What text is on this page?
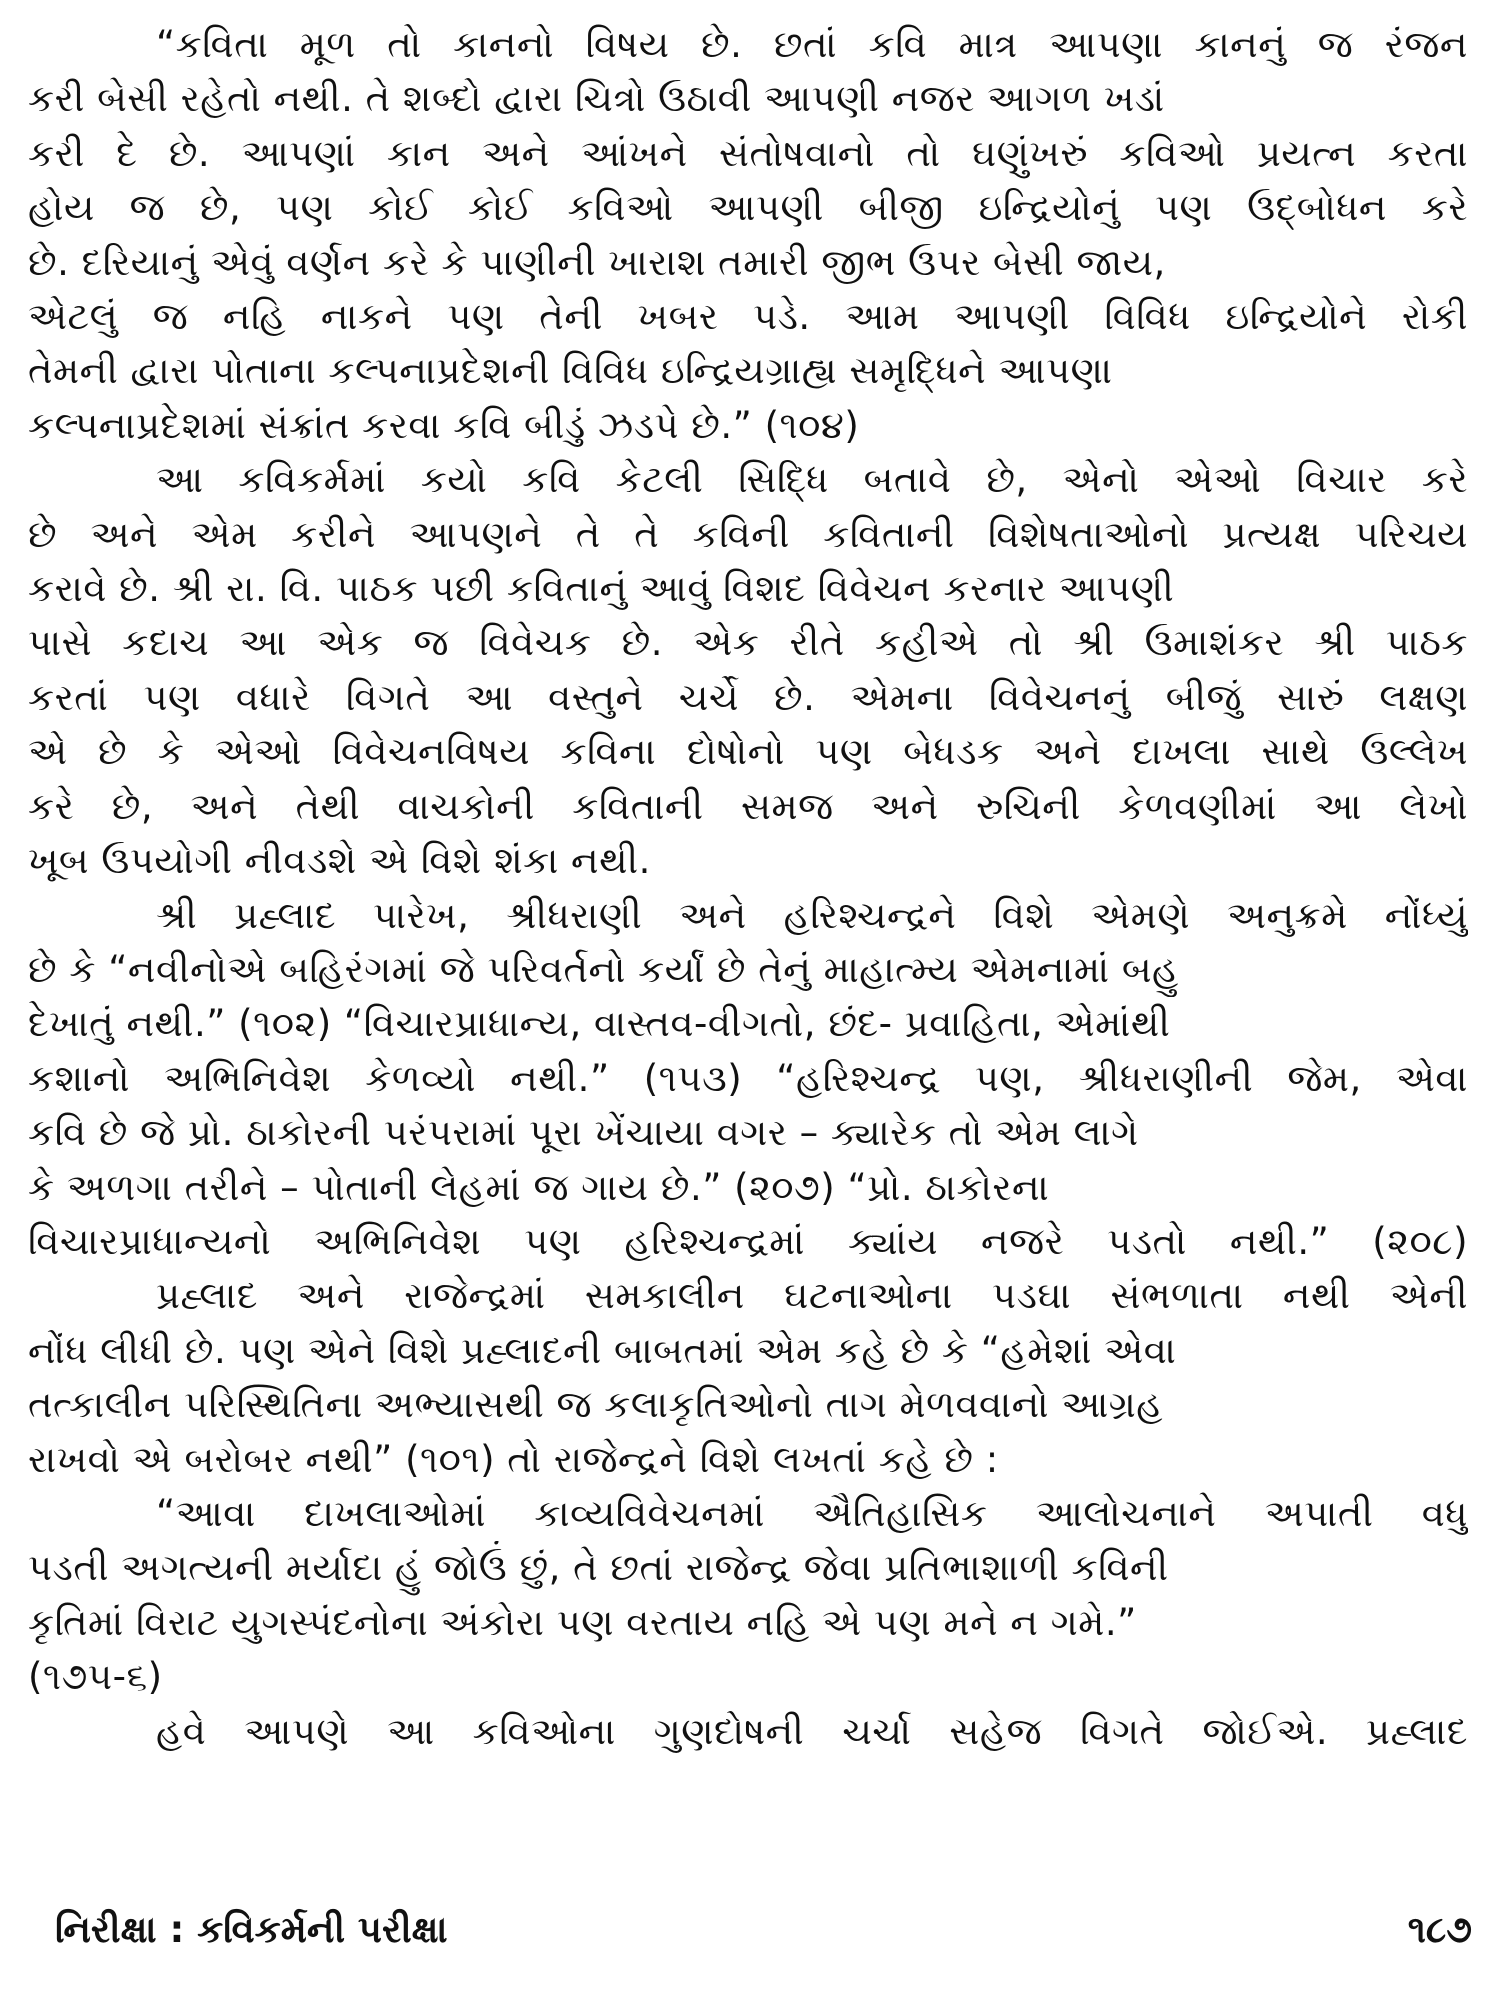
“કવિતા મૂળ તો કાનનો વિષય છે. છતાં કવિ માત્ર આપણા કાનનું જ રંજન
કરી બેસી રહેતો નથી. તે શબ્દો દ્વારા ચિત્રો ઉઠાવી આપણી નજર આગળ ખડાં
કરી દે છે. આપણાં કાન અને આંખને સંતોષવાનો તો ઘણુંખરું કવિઓ પ્રયત્ન કરતા
હોય જ છે, પણ કોઈ કોઈ કવિઓ આપણી બીજી ઇન્દ્રિયોનું પણ ઉદ્બોધન કરે
છે. દરિયાનું એવું વર્ણન કરે કે પાણીની ખારાશ તમારી જીભ ઉપર બેસી જાય,
એટલું જ નહિ નાકને પણ તેની ખબર પડે. આમ આપણી વિવિધ ઇન્દ્રિયોને રોકી
તેમની દ્વારા પોતાના કલ્પનાપ્રદેશની વિવિધ ઇન્દ્રિયગ્રાહ્ય સમૃદ્ધિને આપણા
કલ્પનાપ્રદેશમાં સંક્રાંત કરવા કવિ બીડું ઝડપે છે.” (૧૦૪)
આ કવિકર્મમાં કયો કવિ કેટલી સિદ્ધિ બતાવે છે, એનો એઓ વિચાર કરે
છે અને એમ કરીને આપણને તે તે કવિની કવિતાની વિશેષતાઓનો પ્રત્યક્ષ પરિચય
કરાવે છે. શ્રી રા. વિ. પાઠક પછી કવિતાનું આવું વિશદ વિવેચન કરનાર આપણી
પાસે કદાચ આ એક જ વિવેચક છે. એક રીતે કહીએ તો શ્રી ઉમાશંકર શ્રી પાઠક
કરતાં પણ વધારે વિગતે આ વસ્તુને ચર્ચે છે. એમના વિવેચનનું બીજું સારું લક્ષણ
એ છે કે એઓ વિવેચનવિષય કવિના દોષોનો પણ બેધડક અને દાખલા સાથે ઉલ્લેખ
કરે છે, અને તેથી વાચકોની કવિતાની સમજ અને રુચિની કેળવણીમાં આ લેખો
ખૂબ ઉપયોગી નીવડશે એ વિશે શંકા નથી.
શ્રી પ્રહ્લાદ પારેખ, શ્રીધરાણી અને હરિશ્ચન્દ્રને વિશે એમણે અનુક્રમે નોંધ્યું
છે કે “નવીનોએ બહિરંગમાં જે પરિવર્તનો કર્યાં છે તેનું માહાત્મ્ય એમનામાં બહુ
દેખાતું નથી.” (૧૦૨) “વિચારપ્રાધાન્ય, વાસ્તવ-વીગતો, છંદ- પ્રવાહિતા, એમાંથી
કશાનો અભિનિવેશ કેળવ્યો નથી.” (૧૫૩) “હરિશ્ચન્દ્ર પણ, શ્રીધરાણીની જેમ, એવા
કવિ છે જે પ્રો. ઠાકોરની પરંપરામાં પૂરા ખેંચાયા વગર – ક્યારેક તો એમ લાગે
કે અળગા તરીને – પોતાની લેહમાં જ ગાય છે.” (૨૦૭) “પ્રો. ઠાકોરના
વિચારપ્રાધાન્યનો અભિનિવેશ પણ હરિશ્ચન્દ્રમાં ક્યાંય નજરે પડતો નથી.” (૨૦૮)
પ્રહ્લાદ અને રાજેન્દ્રમાં સમકાલીન ઘટનાઓના પડઘા સંભળાતા નથી એની
નોંધ લીધી છે. પણ એને વિશે પ્રહ્લાદની બાબતમાં એમ કહે છે કે “હમેશાં એવા
તત્કાલીન પરિસ્થિતિના અભ્યાસથી જ કલાકૃતિઓનો તાગ મેળવવાનો આગ્રહ
રાખવો એ બરોબર નથી” (૧૦૧) તો રાજેન્દ્રને વિશે લખતાં કહે છે :
“આવા દાખલાઓમાં કાવ્યવિવેચનમાં ઐતિહાસિક આલોચનાને અપાતી વધુ
પડતી અગત્યની મર્યાદા હું જોઉં છું, તે છતાં રાજેન્દ્ર જેવા પ્રતિભાશાળી કવિની
કૃતિમાં વિરાટ યુગસ્પંદનોના અંકોરા પણ વરતાય નહિ એ પણ મને ન ગમે.”
(૧૭૫-૬)
હવે આપણે આ કવિઓના ગુણદોષની ચર્ચા સહેજ વિગતે જોઈએ. પ્રહ્લાદ
નિરીક્ષા : કવિકર્મની પરીક્ષા	૧૮૭
